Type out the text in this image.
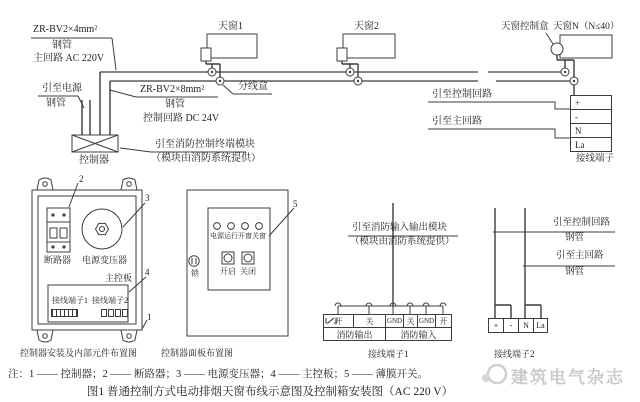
ZR-BV2×4mm²
钢管
主回路 AC 220V
引至电源
钢管
控制器
ZR-BV2×8mm²
钢管
控制回路 DC 24V
引至消防控制终端模块
（模块由消防系统提供）
天窗1	天窗2	天窗控制盒 天窗N（N≤40）
分线盒
引至控制回路
引至主回路
接线端子
+
-
N
La
断路器 电源变压器
主控板
接线端子1 接线端子2
2
3
4
1
控制器安装及内部元件布置图
电源 运行 开窗 关窗
开启 关闭
锁
5
控制器面板布置图
引至消防输入输出模块
（模块由消防系统提供）
开	关 GND 关 GND 开
消防输出	消防输入
接线端子1
引至控制回路
钢管
引至主回路
钢管
+	-	N La
接线端子2
注：1 —— 控制器；2 —— 断路器；3 —— 电源变压器；4 —— 主控板；5 —— 薄膜开关。
图1 普通控制方式电动排烟天窗布线示意图及控制箱安装图（AC 220 V）
建筑电气杂志
